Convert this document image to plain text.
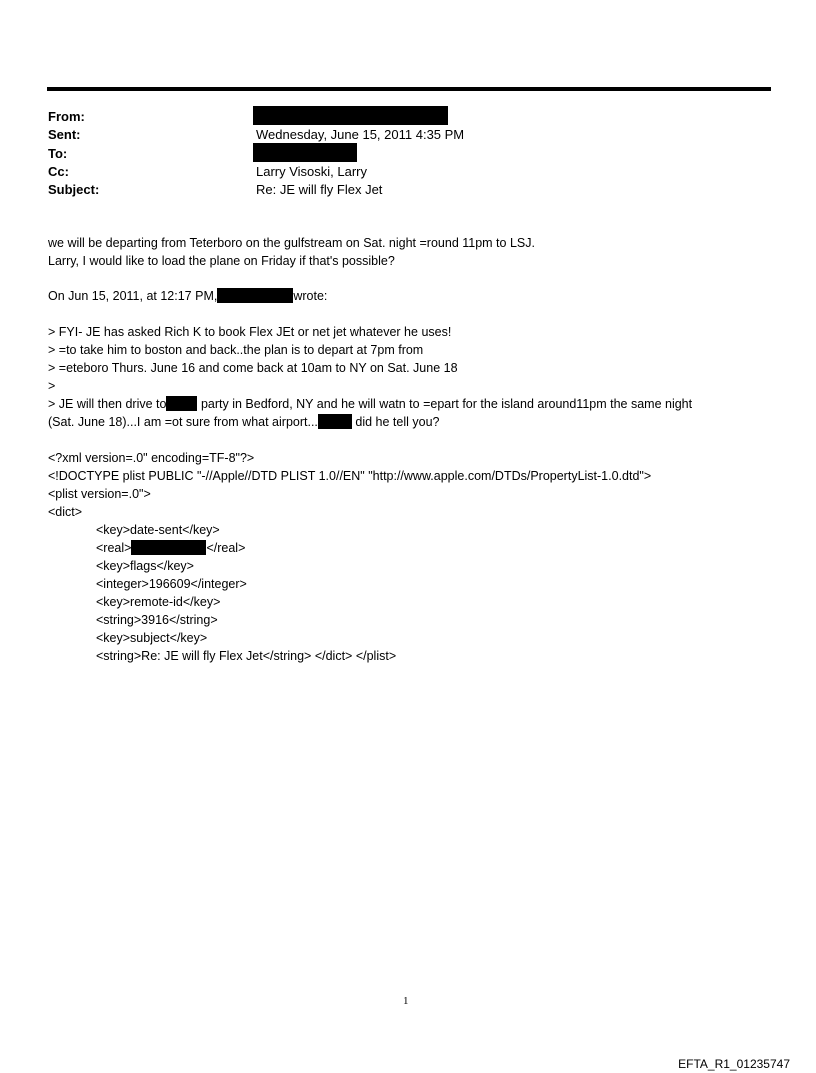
From:
Sent:	Wednesday, June 15, 2011 4:35 PM
To:
Cc:	Larry Visoski, Larry
Subject:	Re: JE will fly Flex Jet
we will be departing from Teterboro on the gulfstream on Sat. night =round 11pm to LSJ.
Larry, I would like to load the plane on Friday if that's possible?
On Jun 15, 2011, at 12:17 PM,	wrote:
> FYI- JE has asked Rich K to book Flex JEt or net jet whatever he uses!
> =to take him to boston and back..the plan is to depart at 7pm from
> =eteboro Thurs. June 16 and come back at 10am to NY on Sat. June 18
>
> JE will then drive to	party in Bedford, NY and he will watn to =epart for the island around11pm the same night
(Sat. June 18)...I am =ot sure from what airport...	did he tell you?
<?xml version=.0" encoding=TF-8"?>
<!DOCTYPE plist PUBLIC "-//Apple//DTD PLIST 1.0//EN" "http://www.apple.com/DTDs/PropertyList-1.0.dtd">
<plist version=.0">
<dict>
<key>date-sent</key>
<real>	</real>
<key>flags</key>
<integer>196609</integer>
<key>remote-id</key>
<string>3916</string>
<key>subject</key>
<string>Re: JE will fly Flex Jet</string> </dict> </plist>
1
EFTA_R1_01235747
